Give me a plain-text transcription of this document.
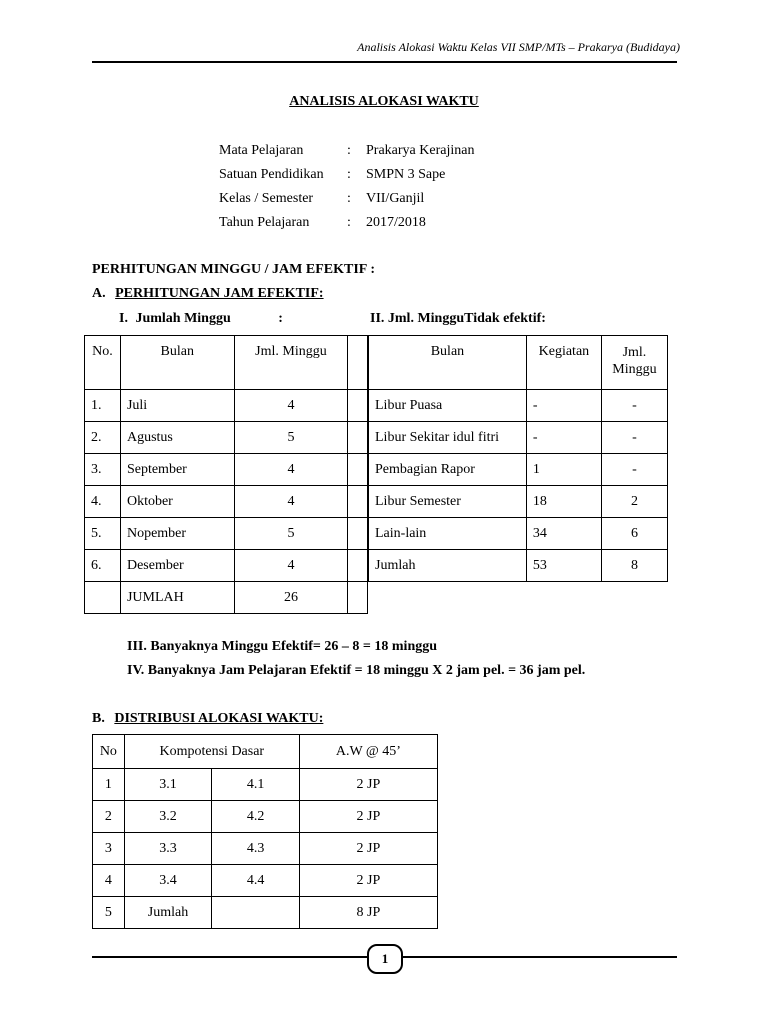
Analisis Alokasi Waktu Kelas VII SMP/MTs – Prakarya (Budidaya)
ANALISIS ALOKASI WAKTU
Mata Pelajaran	: Prakarya Kerajinan
Satuan Pendidikan : SMPN 3 Sape
Kelas / Semester : VII/Ganjil
Tahun Pelajaran	: 2017/2018
PERHITUNGAN MINGGU / JAM EFEKTIF :
A. PERHITUNGAN JAM EFEKTIF:
I. Jumlah Minggu	:	II. Jml. MingguTidak efektif:
No.	Bulan	Jml. Minggu	
1.	Juli	4	
2.	Agustus	5	
3.	September	4	
4.	Oktober	4	
5.	Nopember	5	
6.	Desember	4	
	JUMLAH	26	
Bulan	Kegiatan	Jml. Minggu
Libur Puasa	-	-
Libur Sekitar idul fitri	-	-
Pembagian Rapor	1	-
Libur Semester	18	2
Lain-lain	34	6
Jumlah	53	8
III. Banyaknya Minggu Efektif= 26 – 8 = 18 minggu
IV. Banyaknya Jam Pelajaran Efektif = 18 minggu X 2 jam pel. = 36 jam pel.
B. DISTRIBUSI ALOKASI WAKTU:
No	Kompotensi Dasar		A.W @ 45’
1	3.1	4.1	2 JP
2	3.2	4.2	2 JP
3	3.3	4.3	2 JP
4	3.4	4.4	2 JP
5	Jumlah		8 JP
1
